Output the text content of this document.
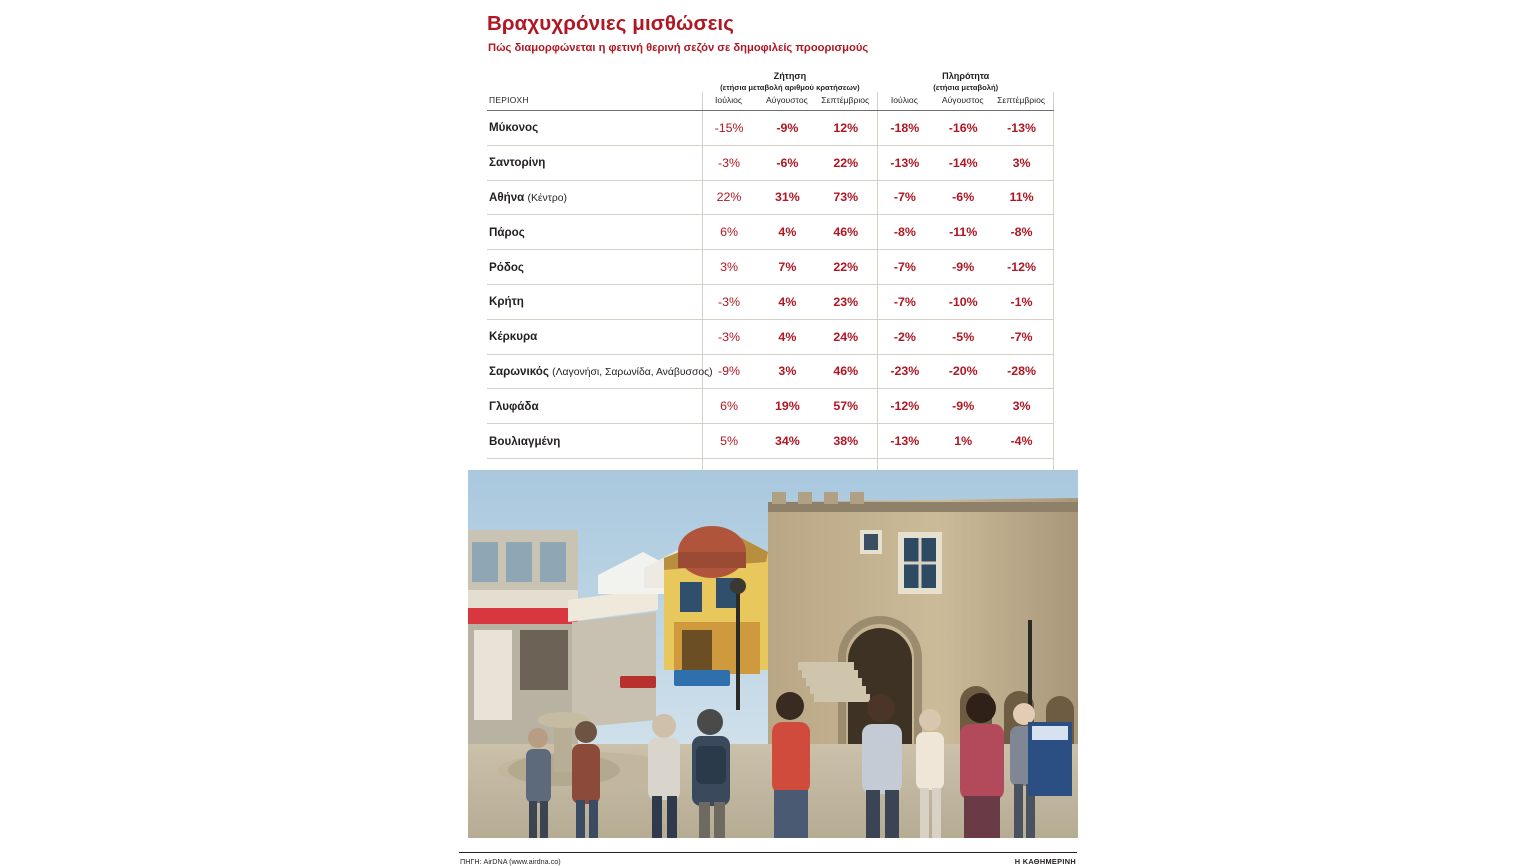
Βραχυχρόνιες μισθώσεις
Πώς διαμορφώνεται η φετινή θερινή σεζόν σε δημοφιλείς προορισμούς

Ζήτηση
(ετήσια μεταβολή αριθμού κρατήσεων)

Πληρότητα
(ετήσια μεταβολή)

ΠΕΡΙΟΧΗ	Ιούλιος	Αύγουστος	Σεπτέμβριος	Ιούλιος	Αύγουστος	Σεπτέμβριος
Μύκονος	-15%	-9%	12%	-18%	-16%	-13%
Σαντορίνη	-3%	-6%	22%	-13%	-14%	3%
Αθήνα (Κέντρο)	22%	31%	73%	-7%	-6%	11%
Πάρος	6%	4%	46%	-8%	-11%	-8%
Ρόδος	3%	7%	22%	-7%	-9%	-12%
Κρήτη	-3%	4%	23%	-7%	-10%	-1%
Κέρκυρα	-3%	4%	24%	-2%	-5%	-7%
Σαρωνικός (Λαγονήσι, Σαρωνίδα, Ανάβυσσος)	-9%	3%	46%	-23%	-20%	-28%
Γλυφάδα	6%	19%	57%	-12%	-9%	3%
Βουλιαγμένη	5%	34%	38%	-13%	1%	-4%

ΠΗΓΗ: AirDNA (www.airdna.co)	Η ΚΑΘΗΜΕΡΙΝΗ
